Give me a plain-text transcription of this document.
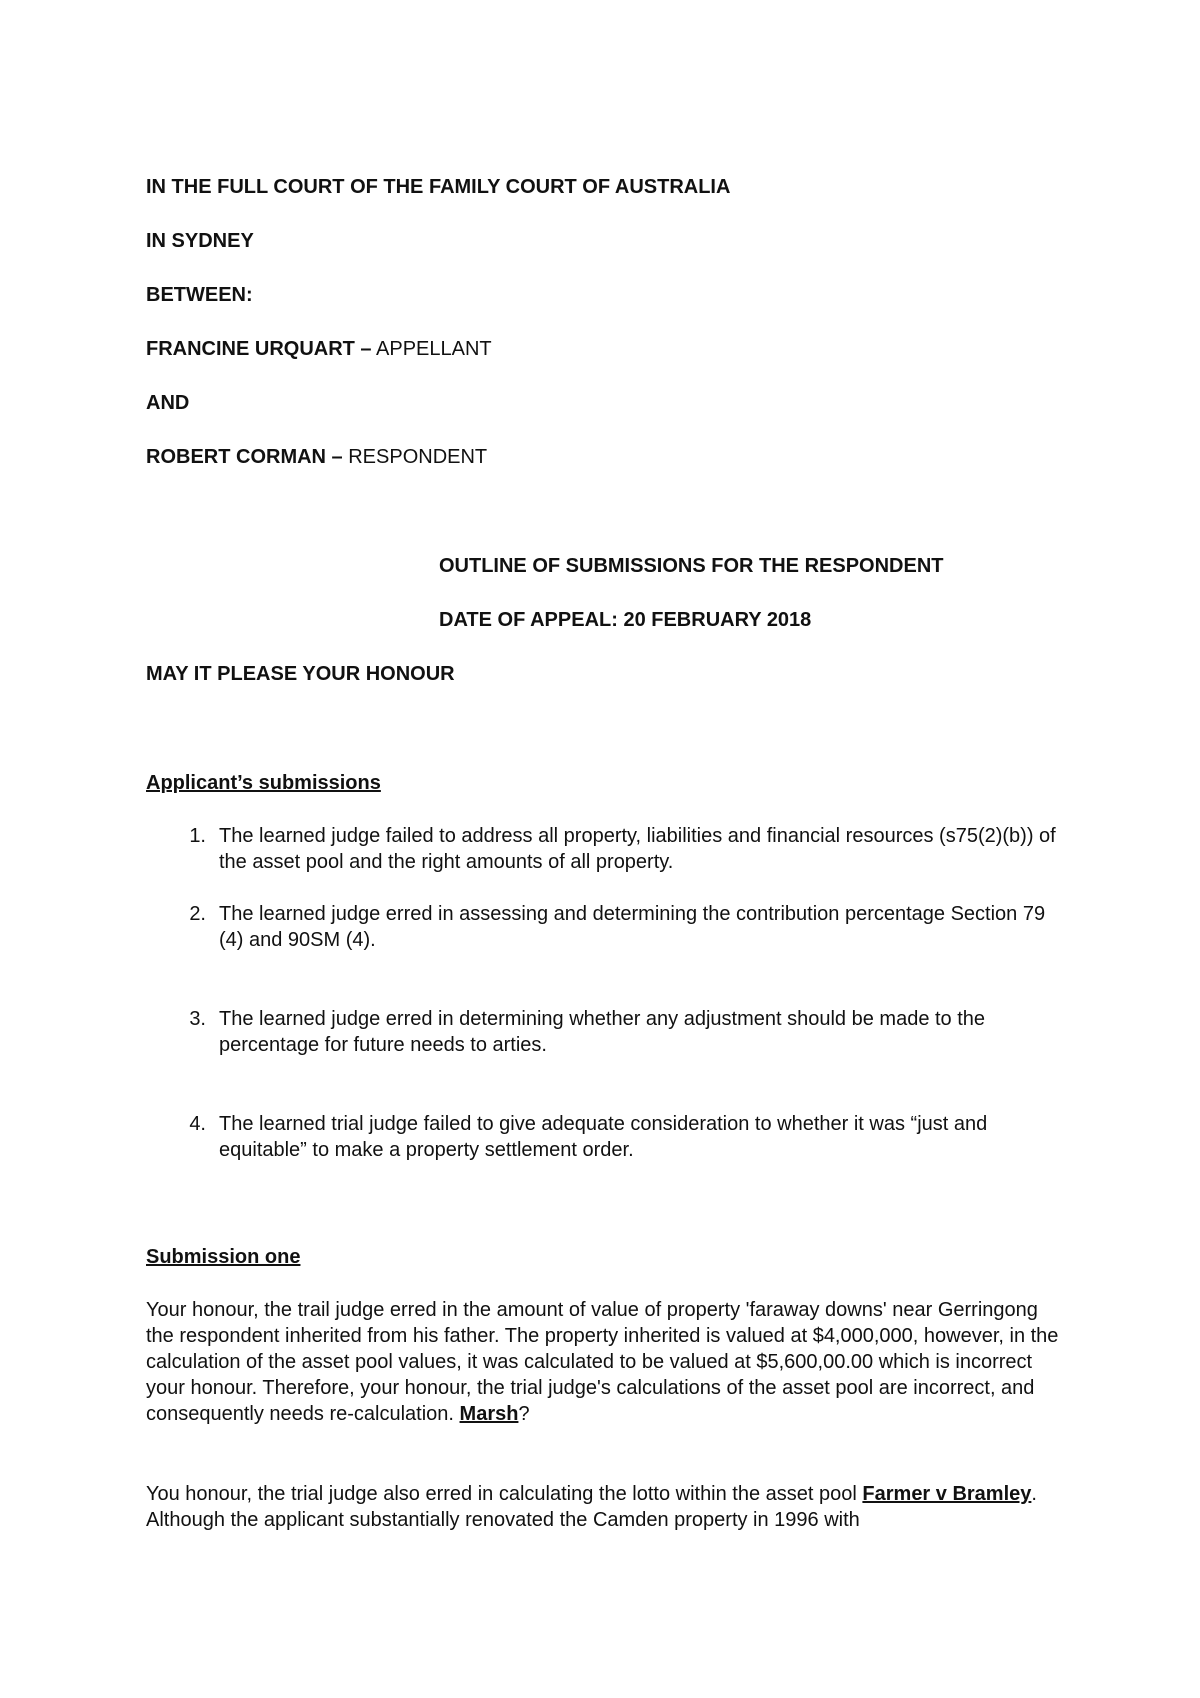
IN THE FULL COURT OF THE FAMILY COURT OF AUSTRALIA

IN SYDNEY

BETWEEN:

FRANCINE URQUART – APPELLANT

AND

ROBERT CORMAN – RESPONDENT

OUTLINE OF SUBMISSIONS FOR THE RESPONDENT

DATE OF APPEAL: 20 FEBRUARY 2018

MAY IT PLEASE YOUR HONOUR

Applicant’s submissions

1. The learned judge failed to address all property, liabilities and financial resources (s75(2)(b)) of the asset pool and the right amounts of all property.
2. The learned judge erred in assessing and determining the contribution percentage Section 79 (4) and 90SM (4).
3. The learned judge erred in determining whether any adjustment should be made to the percentage for future needs to arties.
4. The learned trial judge failed to give adequate consideration to whether it was “just and equitable” to make a property settlement order.

Submission one

Your honour, the trail judge erred in the amount of value of property 'faraway downs' near Gerringong the respondent inherited from his father. The property inherited is valued at $4,000,000, however, in the calculation of the asset pool values, it was calculated to be valued at $5,600,00.00 which is incorrect your honour. Therefore, your honour, the trial judge's calculations of the asset pool are incorrect, and consequently needs re-calculation. Marsh?

You honour, the trial judge also erred in calculating the lotto within the asset pool Farmer v Bramley. Although the applicant substantially renovated the Camden property in 1996 with
